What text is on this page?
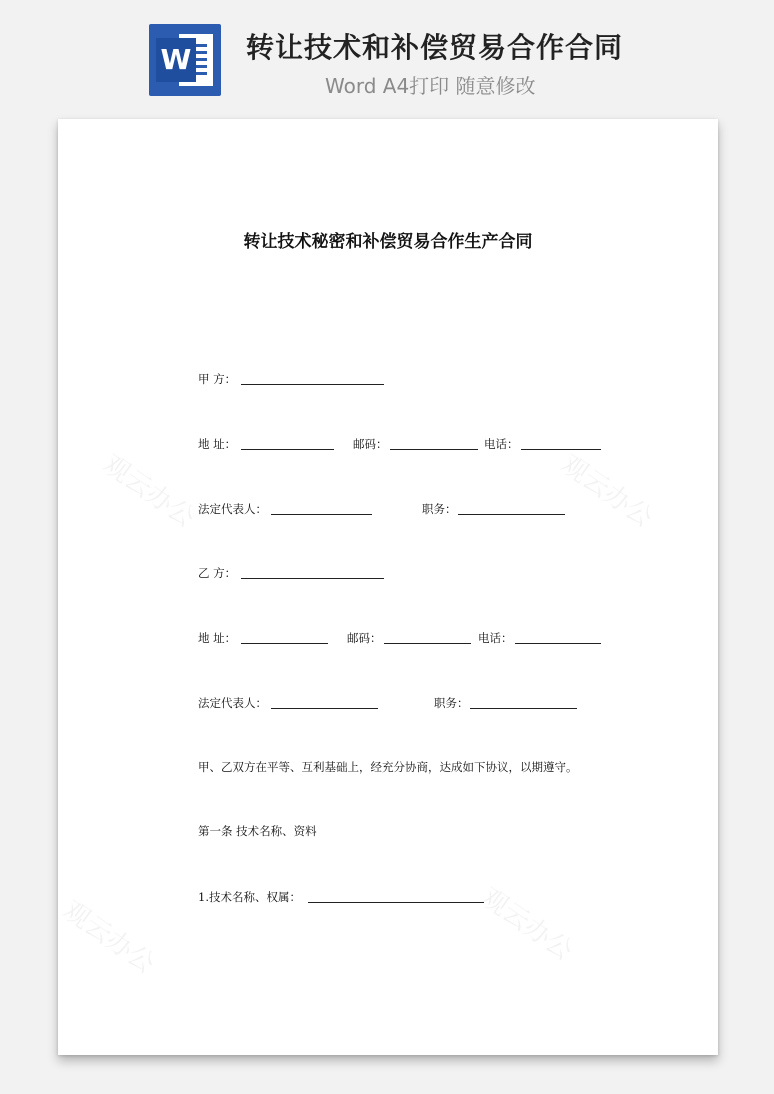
W 转让技术和补偿贸易合作合同
Word A4打印 随意修改
观云办公	观云办公
观云办公	观云办公
转让技术秘密和补偿贸易合作生产合同
甲 方：
地 址：	邮码：	电话：
法定代表人：	职务：
乙 方：
地 址：	邮码：	电话：
法定代表人：	职务：
甲、乙双方在平等、互利基础上，经充分协商，达成如下协议，以期遵守。
第一条 技术名称、资料
1.技术名称、权属：
